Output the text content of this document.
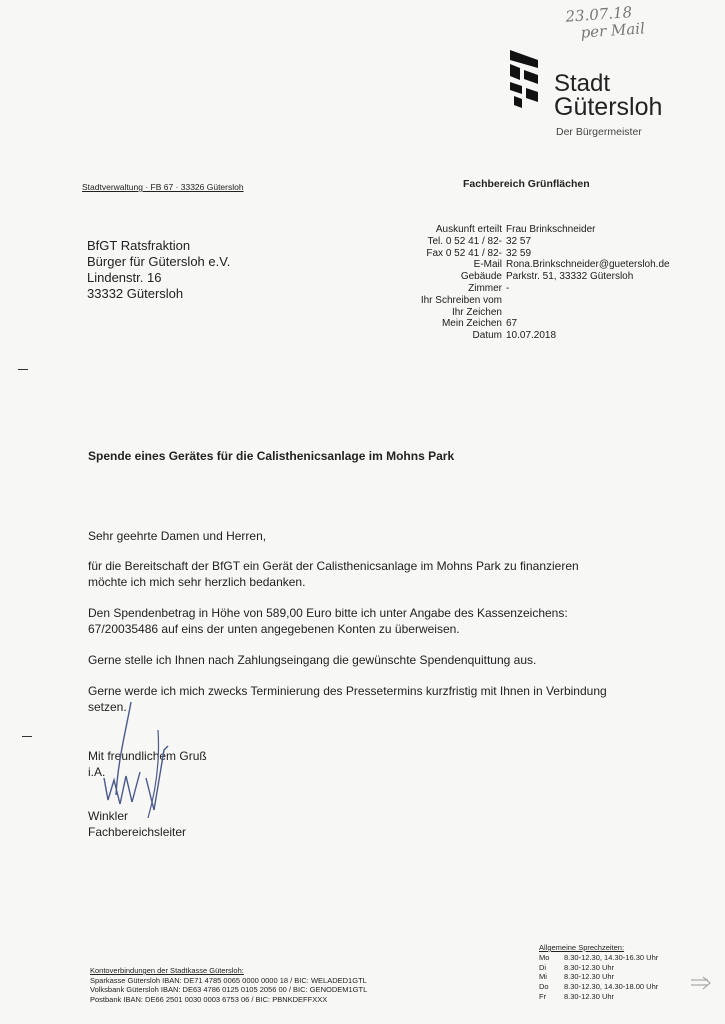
23.07.18
per Mail
Stadt
Gütersloh
Der Bürgermeister
Stadtverwaltung · FB 67 · 33326 Gütersloh	Fachbereich Grünflächen
BfGT Ratsfraktion
Bürger für Gütersloh e.V.
Lindenstr. 16
33332 Gütersloh
Auskunft erteilt Frau Brinkschneider
Tel. 0 52 41 / 82- 32 57
Fax 0 52 41 / 82- 32 59
E-Mail Rona.Brinkschneider@guetersloh.de
Gebäude Parkstr. 51, 33332 Gütersloh
Zimmer -
Ihr Schreiben vom
Ihr Zeichen
Mein Zeichen 67
Datum 10.07.2018
Spende eines Gerätes für die Calisthenicsanlage im Mohns Park

Sehr geehrte Damen und Herren,

für die Bereitschaft der BfGT ein Gerät der Calisthenicsanlage im Mohns Park zu finanzieren

möchte ich mich sehr herzlich bedanken.

Den Spendenbetrag in Höhe von 589,00 Euro bitte ich unter Angabe des Kassenzeichens:

67/20035486 auf eins der unten angegebenen Konten zu überweisen.

Gerne stelle ich Ihnen nach Zahlungseingang die gewünschte Spendenquittung aus.

Gerne werde ich mich zwecks Terminierung des Pressetermins kurzfristig mit Ihnen in Verbindung

setzen.

Mit freundlichem Gruß

i.A.

Winkler

Fachbereichsleiter

Kontoverbindungen der Stadtkasse Gütersloh:
Sparkasse Gütersloh IBAN: DE71 4785 0065 0000 0000 18 / BIC: WELADED1GTL
Volksbank Gütersloh IBAN: DE63 4786 0125 0105 2056 00 / BIC: GENODEM1GTL
Postbank IBAN: DE66 2501 0030 0003 6753 06 / BIC: PBNKDEFFXXX
Allgemeine Sprechzeiten:
Mo	8.30-12.30, 14.30-16.30 Uhr
Di	8.30-12.30 Uhr
Mi	8.30-12.30 Uhr
Do	8.30-12.30, 14.30-18.00 Uhr
Fr	8.30-12.30 Uhr
